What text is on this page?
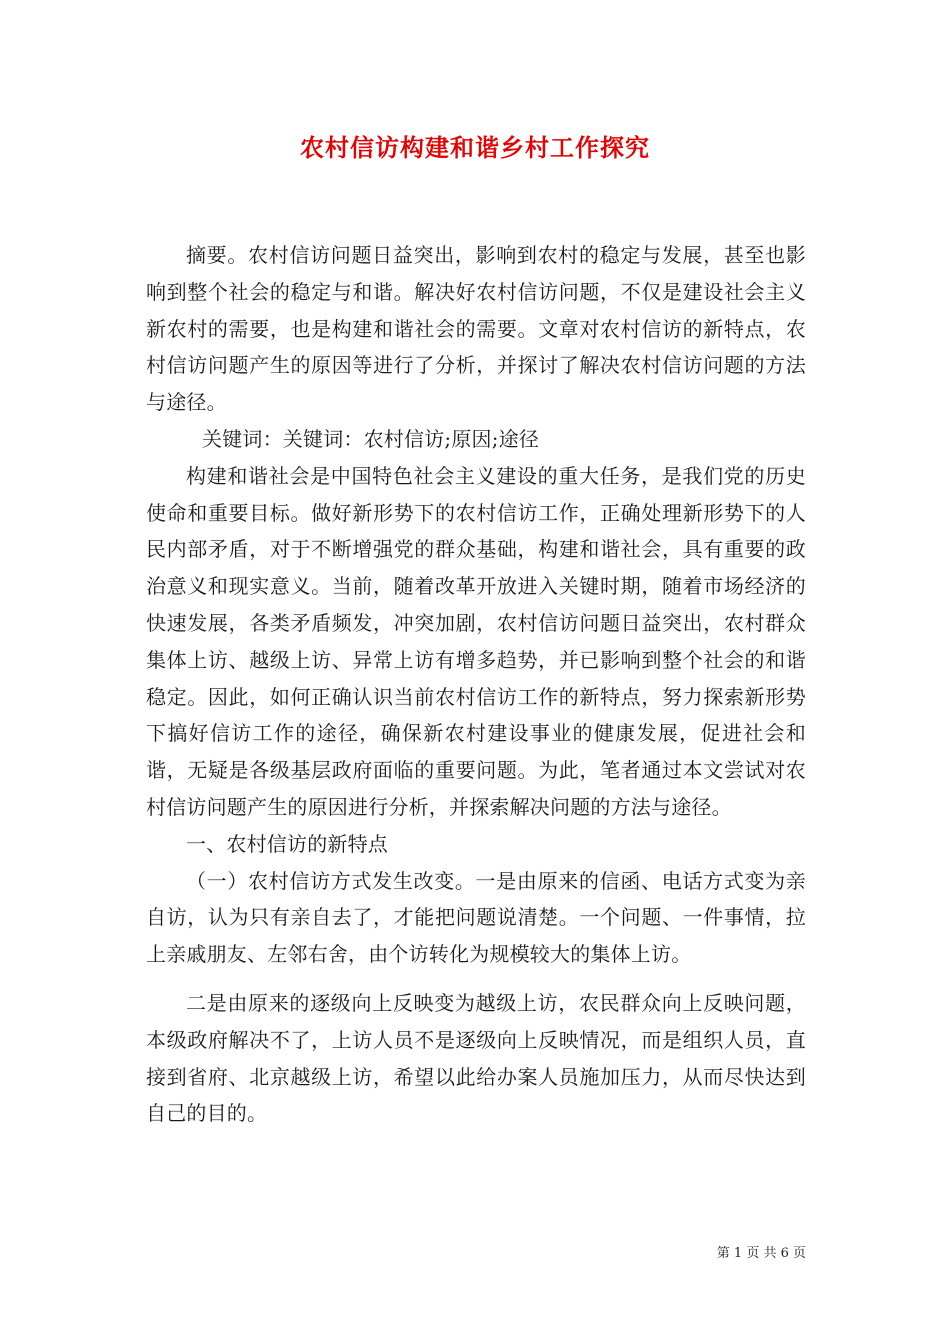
农村信访构建和谐乡村工作探究

摘要。农村信访问题日益突出，影响到农村的稳定与发展，甚至也影响到整个社会的稳定与和谐。解决好农村信访问题，不仅是建设社会主义新农村的需要，也是构建和谐社会的需要。文章对农村信访的新特点，农村信访问题产生的原因等进行了分析，并探讨了解决农村信访问题的方法与途径。

关键词：关键词：农村信访;原因;途径

构建和谐社会是中国特色社会主义建设的重大任务，是我们党的历史使命和重要目标。做好新形势下的农村信访工作，正确处理新形势下的人民内部矛盾，对于不断增强党的群众基础，构建和谐社会，具有重要的政治意义和现实意义。当前，随着改革开放进入关键时期，随着市场经济的快速发展，各类矛盾频发，冲突加剧，农村信访问题日益突出，农村群众集体上访、越级上访、异常上访有增多趋势，并已影响到整个社会的和谐稳定。因此，如何正确认识当前农村信访工作的新特点，努力探索新形势下搞好信访工作的途径，确保新农村建设事业的健康发展，促进社会和谐，无疑是各级基层政府面临的重要问题。为此，笔者通过本文尝试对农村信访问题产生的原因进行分析，并探索解决问题的方法与途径。

一、农村信访的新特点

（一）农村信访方式发生改变。一是由原来的信函、电话方式变为亲自访，认为只有亲自去了，才能把问题说清楚。一个问题、一件事情，拉上亲戚朋友、左邻右舍，由个访转化为规模较大的集体上访。

二是由原来的逐级向上反映变为越级上访，农民群众向上反映问题，本级政府解决不了，上访人员不是逐级向上反映情况，而是组织人员，直接到省府、北京越级上访，希望以此给办案人员施加压力，从而尽快达到自己的目的。

第 1 页 共 6 页
